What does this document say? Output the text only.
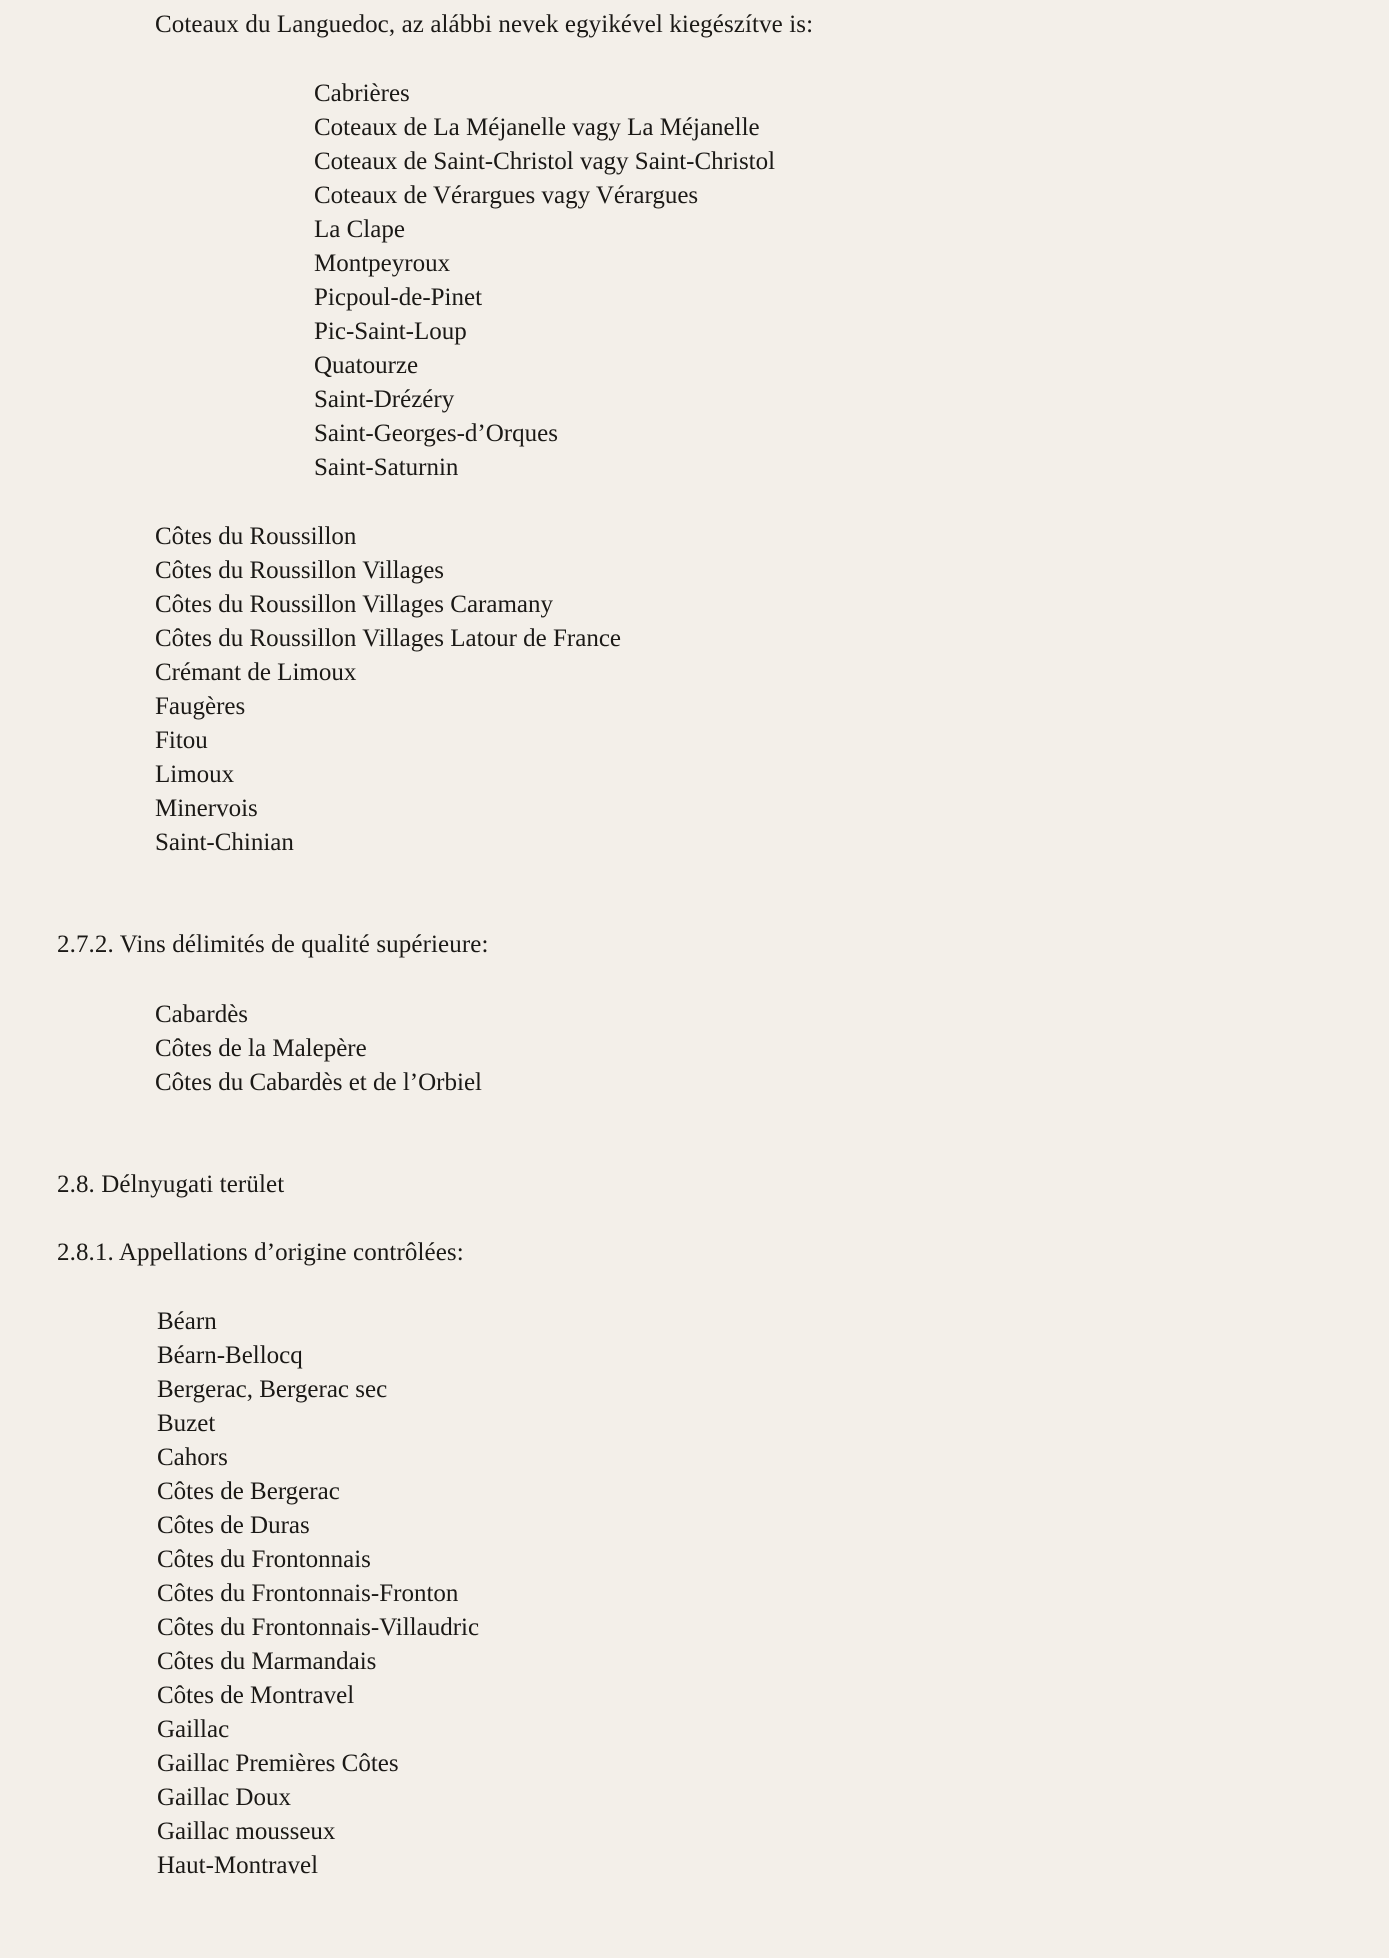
Coteaux du Languedoc, az alábbi nevek egyikével kiegészítve is:
Cabrières
Coteaux de La Méjanelle vagy La Méjanelle
Coteaux de Saint-Christol vagy Saint-Christol
Coteaux de Vérargues vagy Vérargues
La Clape
Montpeyroux
Picpoul-de-Pinet
Pic-Saint-Loup
Quatourze
Saint-Drézéry
Saint-Georges-d’Orques
Saint-Saturnin
Côtes du Roussillon
Côtes du Roussillon Villages
Côtes du Roussillon Villages Caramany
Côtes du Roussillon Villages Latour de France
Crémant de Limoux
Faugères
Fitou
Limoux
Minervois
Saint-Chinian
2.7.2. Vins délimités de qualité supérieure:
Cabardès
Côtes de la Malepère
Côtes du Cabardès et de l’Orbiel
2.8. Délnyugati terület
2.8.1. Appellations d’origine contrôlées:
Béarn
Béarn-Bellocq
Bergerac, Bergerac sec
Buzet
Cahors
Côtes de Bergerac
Côtes de Duras
Côtes du Frontonnais
Côtes du Frontonnais-Fronton
Côtes du Frontonnais-Villaudric
Côtes du Marmandais
Côtes de Montravel
Gaillac
Gaillac Premières Côtes
Gaillac Doux
Gaillac mousseux
Haut-Montravel
